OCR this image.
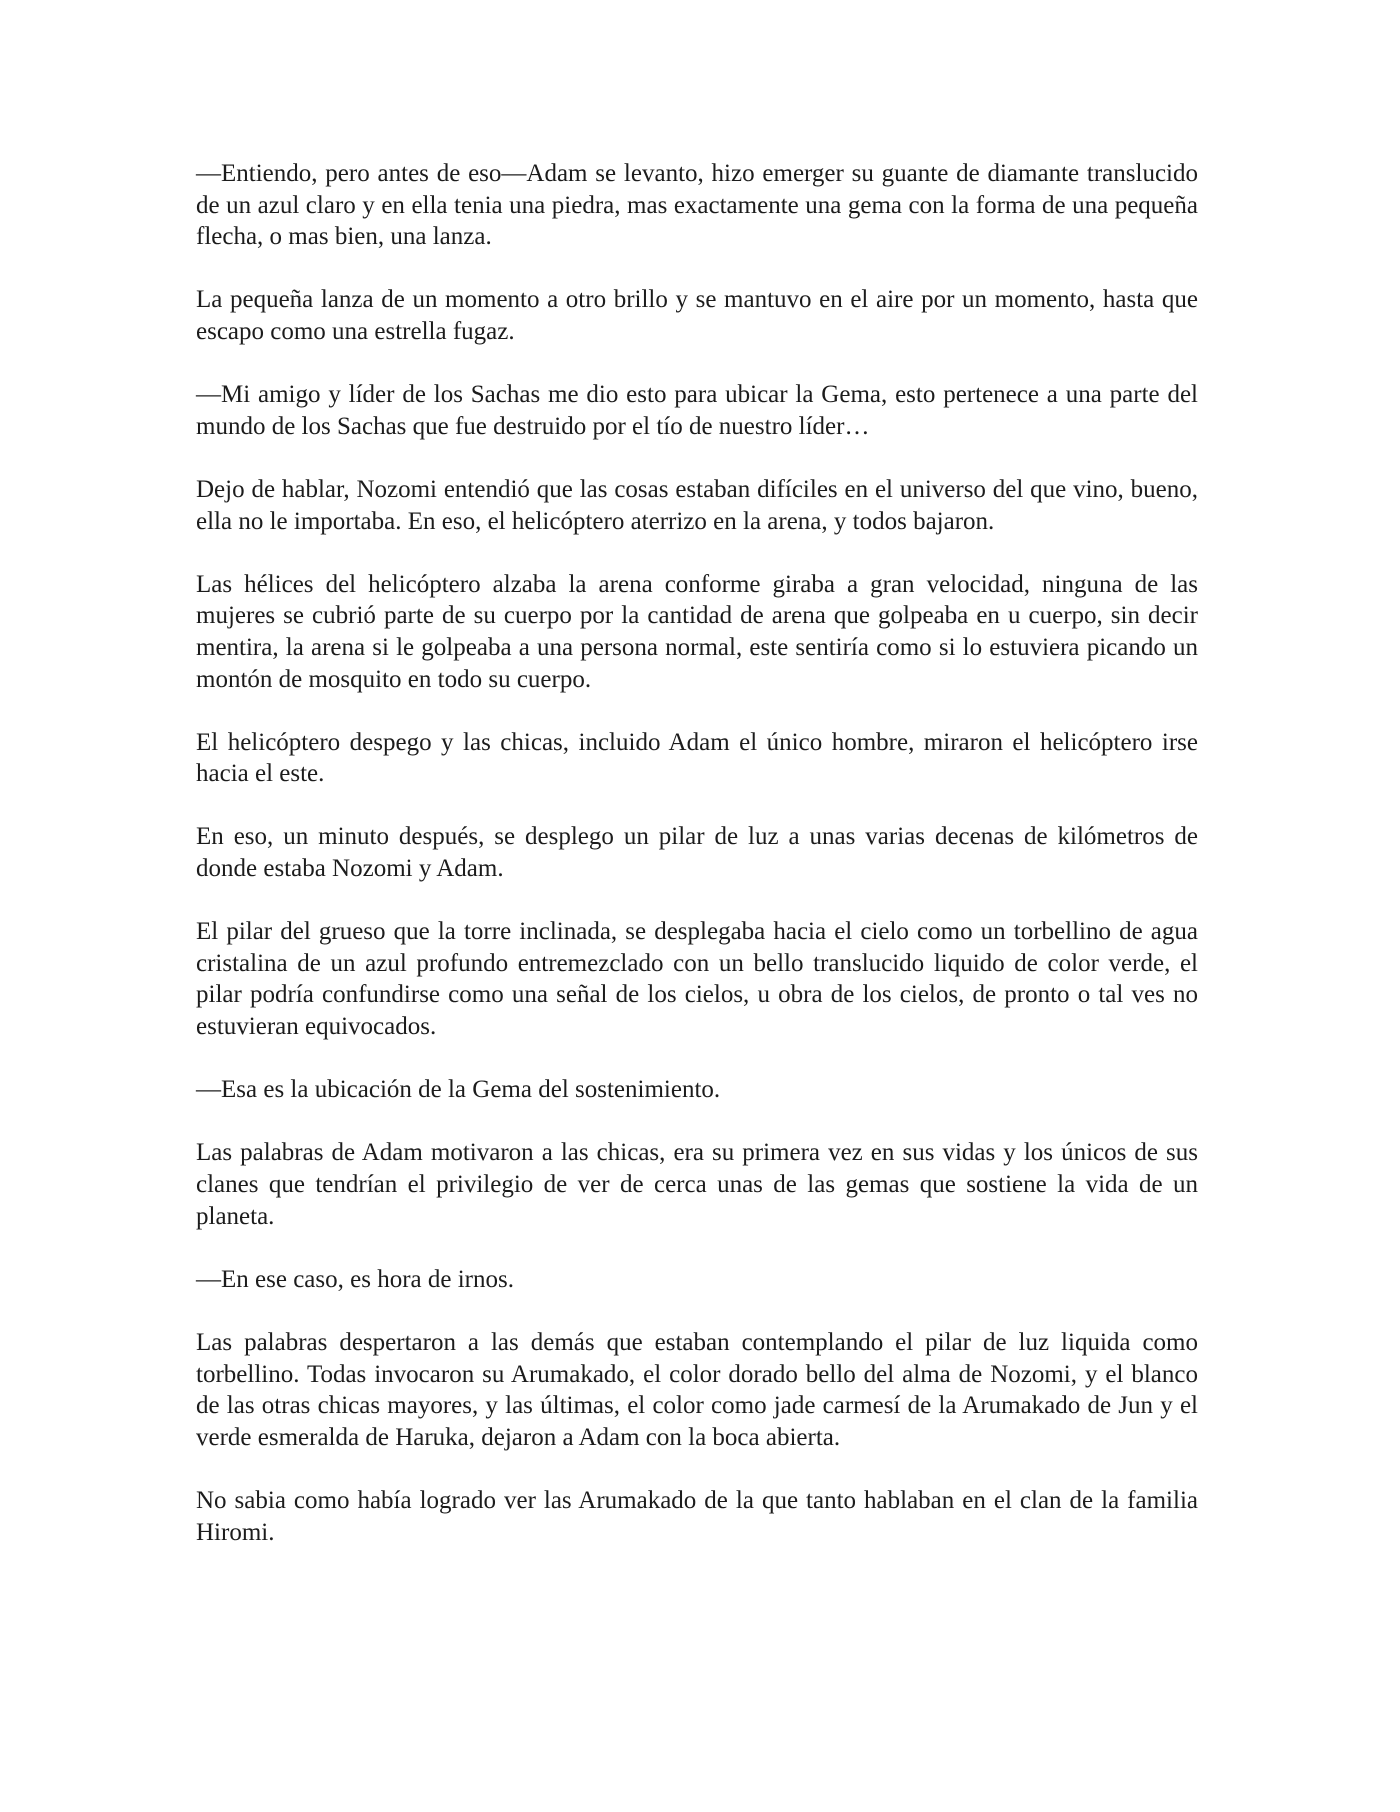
—Entiendo, pero antes de eso—Adam se levanto, hizo emerger su guante de diamante translucido de un azul claro y en ella tenia una piedra, mas exactamente una gema con la forma de una pequeña flecha, o mas bien, una lanza.

La pequeña lanza de un momento a otro brillo y se mantuvo en el aire por un momento, hasta que escapo como una estrella fugaz.

—Mi amigo y líder de los Sachas me dio esto para ubicar la Gema, esto pertenece a una parte del mundo de los Sachas que fue destruido por el tío de nuestro líder…

Dejo de hablar, Nozomi entendió que las cosas estaban difíciles en el universo del que vino, bueno, ella no le importaba. En eso, el helicóptero aterrizo en la arena, y todos bajaron.

Las hélices del helicóptero alzaba la arena conforme giraba a gran velocidad, ninguna de las mujeres se cubrió parte de su cuerpo por la cantidad de arena que golpeaba en u cuerpo, sin decir mentira, la arena si le golpeaba a una persona normal, este sentiría como si lo estuviera picando un montón de mosquito en todo su cuerpo.

El helicóptero despego y las chicas, incluido Adam el único hombre, miraron el helicóptero irse hacia el este.

En eso, un minuto después, se desplego un pilar de luz a unas varias decenas de kilómetros de donde estaba Nozomi y Adam.

El pilar del grueso que la torre inclinada, se desplegaba hacia el cielo como un torbellino de agua cristalina de un azul profundo entremezclado con un bello translucido liquido de color verde, el pilar podría confundirse como una señal de los cielos, u obra de los cielos, de pronto o tal ves no estuvieran equivocados.

—Esa es la ubicación de la Gema del sostenimiento.

Las palabras de Adam motivaron a las chicas, era su primera vez en sus vidas y los únicos de sus clanes que tendrían el privilegio de ver de cerca unas de las gemas que sostiene la vida de un planeta.

—En ese caso, es hora de irnos.

Las palabras despertaron a las demás que estaban contemplando el pilar de luz liquida como torbellino. Todas invocaron su Arumakado, el color dorado bello del alma de Nozomi, y el blanco de las otras chicas mayores, y las últimas, el color como jade carmesí de la Arumakado de Jun y el verde esmeralda de Haruka, dejaron a Adam con la boca abierta.

No sabia como había logrado ver las Arumakado de la que tanto hablaban en el clan de la familia Hiromi.
